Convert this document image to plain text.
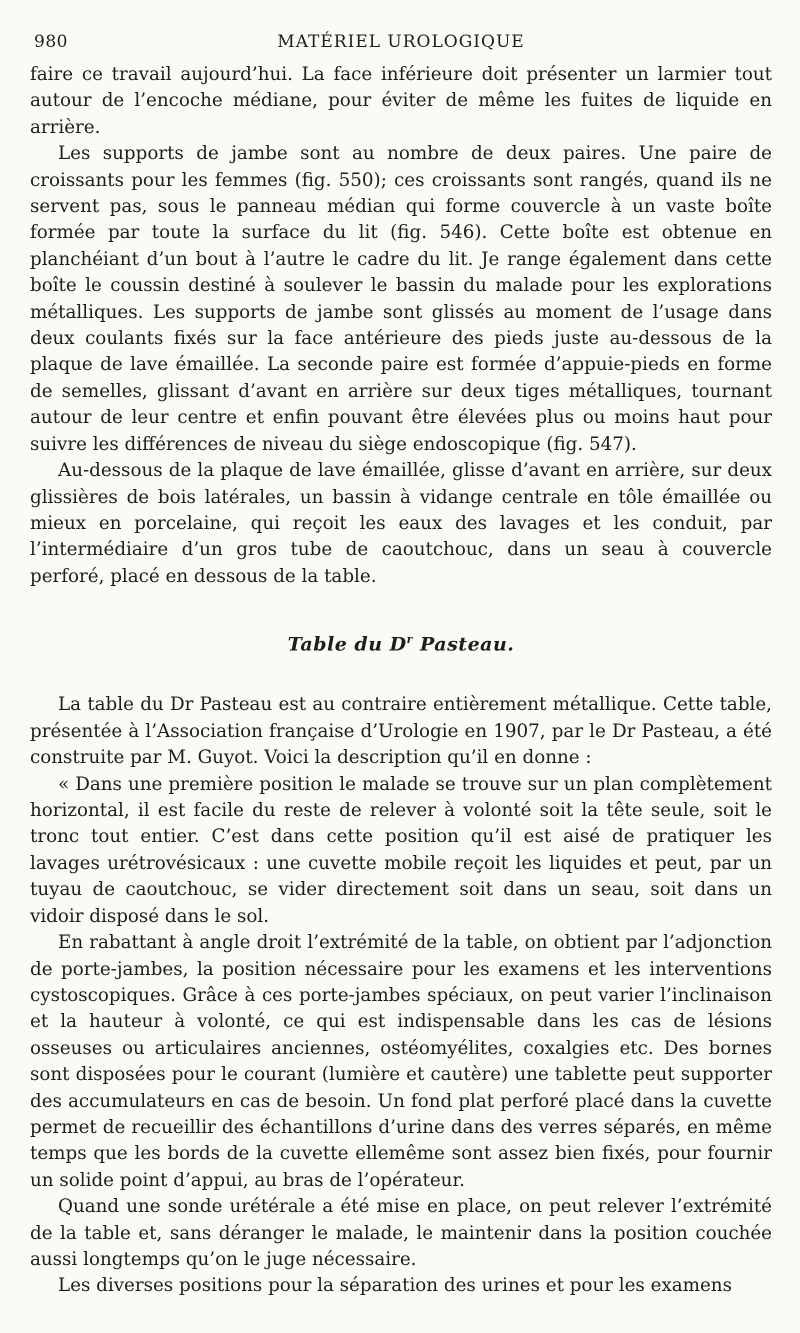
980	MATÉRIEL UROLOGIQUE

faire ce travail aujourd’hui. La face inférieure doit présenter un larmier tout autour de l’encoche médiane, pour éviter de même les fuites de liquide en arrière.

Les supports de jambe sont au nombre de deux paires. Une paire de croissants pour les femmes (fig. 550); ces croissants sont rangés, quand ils ne servent pas, sous le panneau médian qui forme couvercle à un vaste boîte formée par toute la surface du lit (fig. 546). Cette boîte est obtenue en planchéiant d’un bout à l’autre le cadre du lit. Je range également dans cette boîte le coussin destiné à soulever le bassin du malade pour les explorations métalliques. Les supports de jambe sont glissés au moment de l’usage dans deux coulants fixés sur la face antérieure des pieds juste au-dessous de la plaque de lave émaillée. La seconde paire est formée d’appuie-pieds en forme de semelles, glissant d’avant en arrière sur deux tiges métalliques, tournant autour de leur centre et enfin pouvant être élevées plus ou moins haut pour suivre les différences de niveau du siège endoscopique (fig. 547).

Au-dessous de la plaque de lave émaillée, glisse d’avant en arrière, sur deux glissières de bois latérales, un bassin à vidange centrale en tôle émaillée ou mieux en porcelaine, qui reçoit les eaux des lavages et les conduit, par l’intermédiaire d’un gros tube de caoutchouc, dans un seau à couvercle perforé, placé en dessous de la table.

Table du $D^r$ Pasteau.

La table du Dr Pasteau est au contraire entièrement métallique. Cette table, présentée à l’Association française d’Urologie en 1907, par le Dr Pasteau, a été construite par M. Guyot. Voici la description qu’il en donne :

« Dans une première position le malade se trouve sur un plan complètement horizontal, il est facile du reste de relever à volonté soit la tête seule, soit le tronc tout entier. C’est dans cette position qu’il est aisé de pratiquer les lavages urétrovésicaux : une cuvette mobile reçoit les liquides et peut, par un tuyau de caoutchouc, se vider directement soit dans un seau, soit dans un vidoir disposé dans le sol.

En rabattant à angle droit l’extrémité de la table, on obtient par l’adjonction de porte-jambes, la position nécessaire pour les examens et les interventions cystoscopiques. Grâce à ces porte-jambes spéciaux, on peut varier l’inclinaison et la hauteur à volonté, ce qui est indispensable dans les cas de lésions osseuses ou articulaires anciennes, ostéomyélites, coxalgies etc. Des bornes sont disposées pour le courant (lumière et cautère) une tablette peut supporter des accumulateurs en cas de besoin. Un fond plat perforé placé dans la cuvette permet de recueillir des échantillons d’urine dans des verres séparés, en même temps que les bords de la cuvette ellemême sont assez bien fixés, pour fournir un solide point d’appui, au bras de l’opérateur.

Quand une sonde urétérale a été mise en place, on peut relever l’extrémité de la table et, sans déranger le malade, le maintenir dans la position couchée aussi longtemps qu’on le juge nécessaire.

Les diverses positions pour la séparation des urines et pour les examens
